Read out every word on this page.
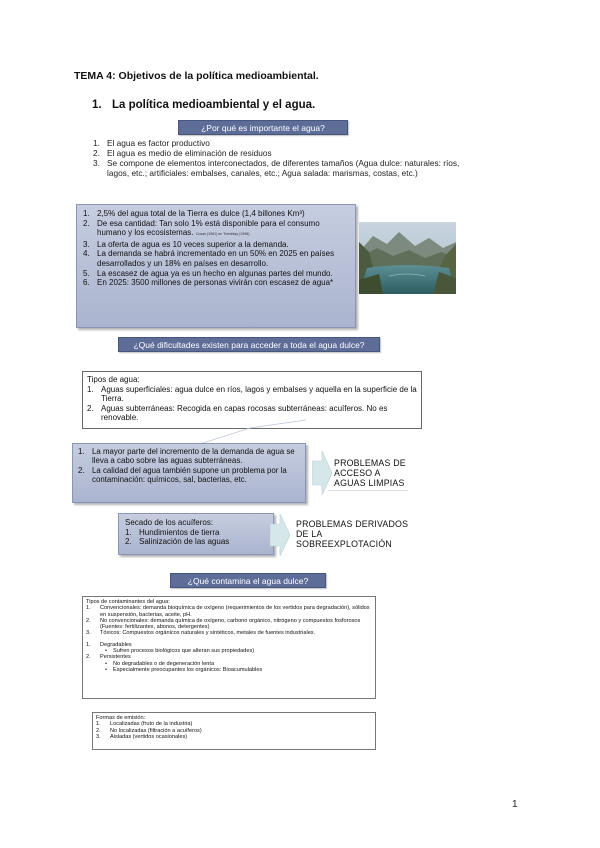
TEMA 4: Objetivos de la política medioambiental.
1. La política medioambiental y el agua.
¿Por qué es importante el agua?
1. El agua es factor productivo
2. El agua es medio de eliminación de residuos
3. Se compone de elementos interconectados, de diferentes tamaños (Agua dulce: naturales: ríos, lagos, etc.; artificiales: embalses, canales, etc.; Agua salada: marismas, costas, etc.)
1. 2,5% del agua total de la Tierra es dulce (1,4 billones Km³)
2. De esa cantidad: Tan solo 1% está disponible para el consumo humano y los ecosistemas. Cosas (1981) en Tremblay (1998)
3. La oferta de agua es 10 veces superior a la demanda.
4. La demanda se habrá incrementado en un 50% en 2025 en países desarrollados y un 18% en países en desarrollo.
5. La escasez de agua ya es un hecho en algunas partes del mundo.
6. En 2025: 3500 millones de personas vivirán con escasez de agua*
¿Qué dificultades existen para acceder a toda el agua dulce?
Tipos de agua:
1. Aguas superficiales: agua dulce en ríos, lagos y embalses y aquella en la superficie de la Tierra.
2. Aguas subterráneas: Recogida en capas rocosas subterráneas: acuíferos. No es renovable.
1. La mayor parte del incremento de la demanda de agua se lleva a cabo sobre las aguas subterráneas.
2. La calidad del agua también supone un problema por la contaminación: químicos, sal, bacterias, etc.
PROBLEMAS DE
ACCESO A
AGUAS LIMPIAS
Secado de los acuíferos:
1. Hundimientos de tierra
2. Salinización de las aguas
PROBLEMAS DERIVADOS
DE LA
SOBREEXPLOTACIÓN
¿Qué contamina el agua dulce?
Tipos de contaminantes del agua:
1. Convencionales: demanda bioquímica de oxígeno (requerimientos de los vertidos para degradación), sólidos en suspensión, bacterias, aceite, pH.
2. No convencionales: demanda química de oxígeno, carbono orgánico, nitrógeno y compuestos fosforosos (Fuentes: fertilizantes, abonos, detergentes)
3. Tóxicos: Compuestos orgánicos naturales y sintéticos, metales de fuentes industriales.
1. Degradables
• Sufren procesos biológicos que alteran sus propiedades)
2. Persistentes
• No degradables o de degeneración lenta
• Especialmente preocupantes los orgánicos: Bioacumulables
Formas de emisión:
1. Localizadas (fruto de la industria)
2. No localizadas (filtración a acuíferos)
3. Aisladas (vertidos ocasionales)
1
